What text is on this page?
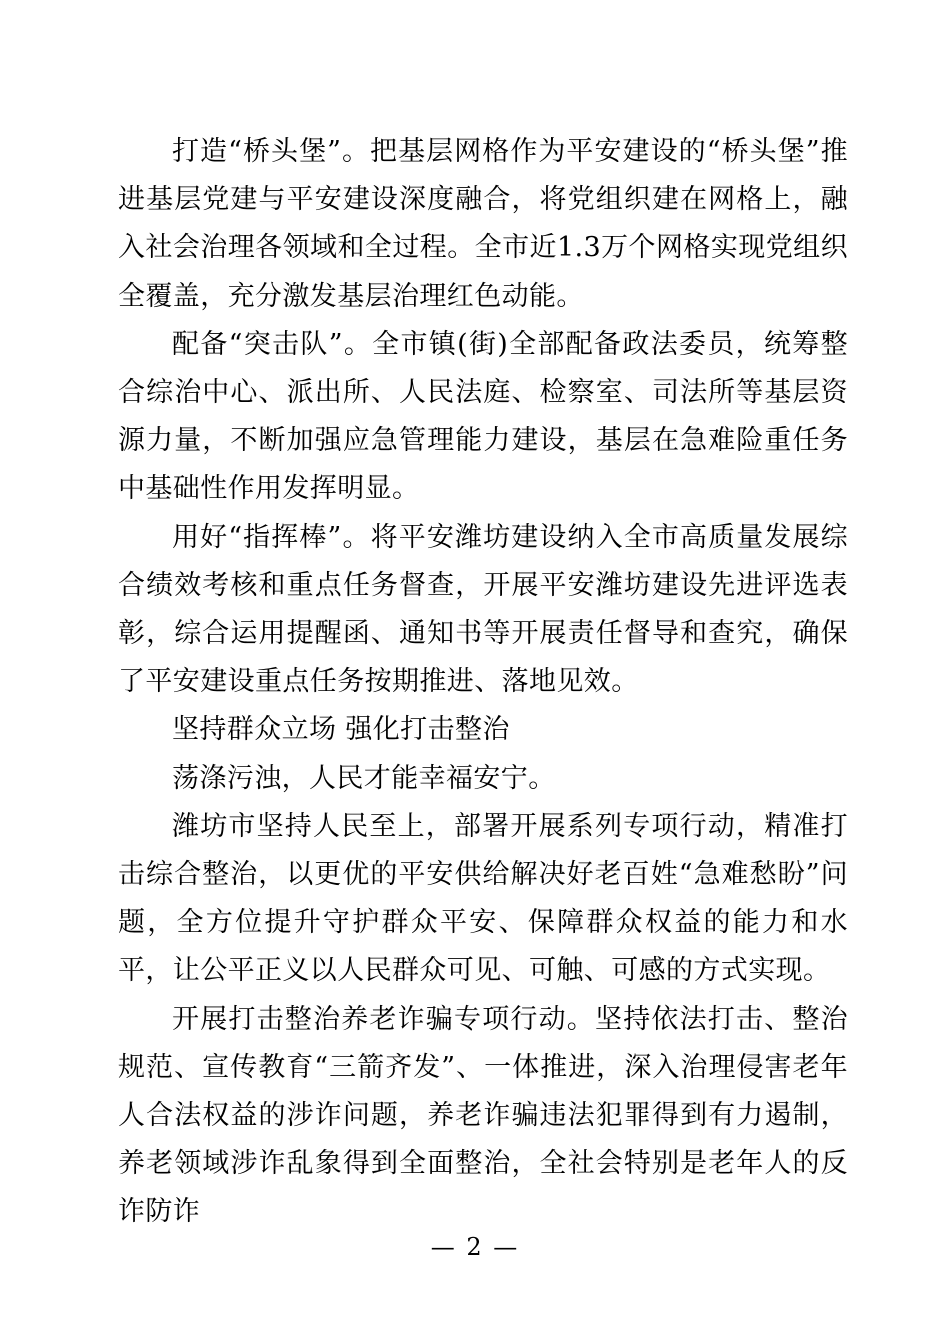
打造“桥头堡”。把基层网格作为平安建设的“桥头堡”推进基层党建与平安建设深度融合，将党组织建在网格上，融入社会治理各领域和全过程。全市近1.3万个网格实现党组织全覆盖，充分激发基层治理红色动能。

配备“突击队”。全市镇(街)全部配备政法委员，统筹整合综治中心、派出所、人民法庭、检察室、司法所等基层资源力量，不断加强应急管理能力建设，基层在急难险重任务中基础性作用发挥明显。

用好“指挥棒”。将平安潍坊建设纳入全市高质量发展综合绩效考核和重点任务督查，开展平安潍坊建设先进评选表彰，综合运用提醒函、通知书等开展责任督导和查究，确保了平安建设重点任务按期推进、落地见效。

坚持群众立场 强化打击整治

荡涤污浊，人民才能幸福安宁。

潍坊市坚持人民至上，部署开展系列专项行动，精准打击综合整治，以更优的平安供给解决好老百姓“急难愁盼”问题，全方位提升守护群众平安、保障群众权益的能力和水平，让公平正义以人民群众可见、可触、可感的方式实现。

开展打击整治养老诈骗专项行动。坚持依法打击、整治规范、宣传教育“三箭齐发”、一体推进，深入治理侵害老年人合法权益的涉诈问题，养老诈骗违法犯罪得到有力遏制，养老领域涉诈乱象得到全面整治，全社会特别是老年人的反诈防诈

— 2 —
